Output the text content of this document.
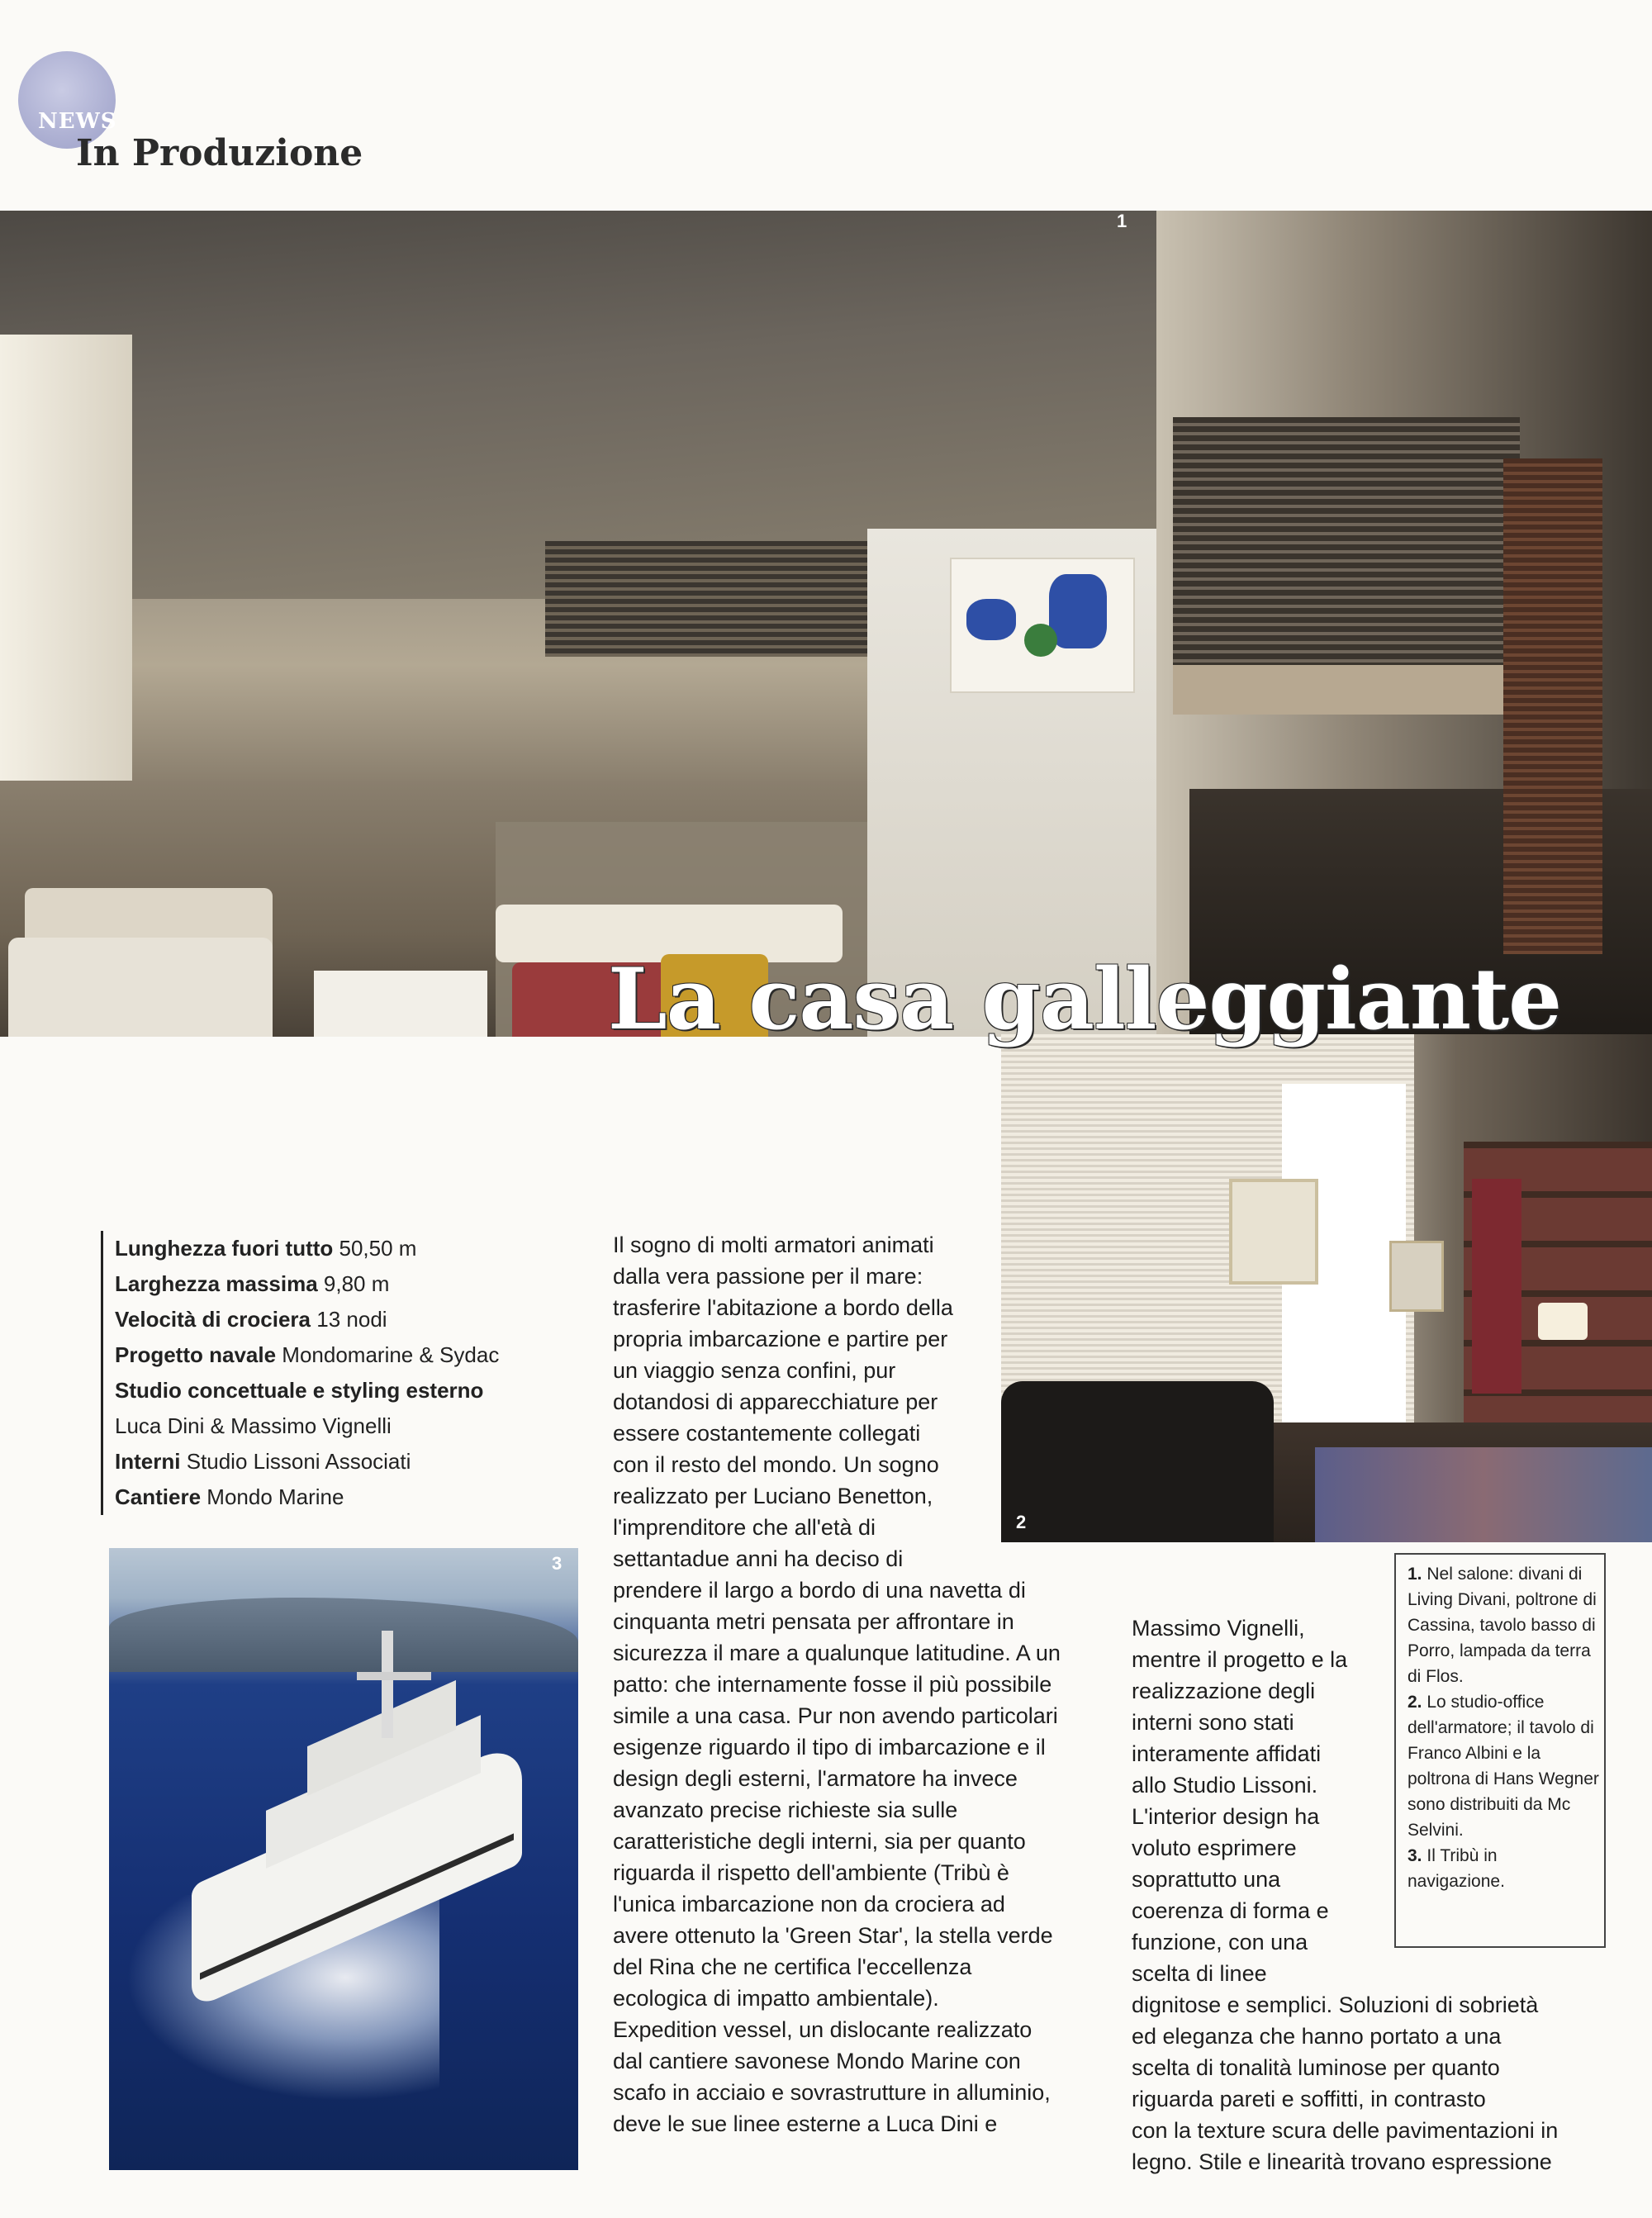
NEWS
In Produzione
1
2
La casa galleggiante
Lunghezza fuori tutto 50,50 m
Larghezza massima 9,80 m
Velocità di crociera 13 nodi
Progetto navale Mondomarine & Sydac
Studio concettuale e styling esterno
Luca Dini & Massimo Vignelli
Interni Studio Lissoni Associati
Cantiere Mondo Marine
3
Il sogno di molti armatori animati
dalla vera passione per il mare:
trasferire l'abitazione a bordo della
propria imbarcazione e partire per
un viaggio senza confini, pur
dotandosi di apparecchiature per
essere costantemente collegati
con il resto del mondo. Un sogno
realizzato per Luciano Benetton,
l'imprenditore che all'età di
settantadue anni ha deciso di
prendere il largo a bordo di una navetta di
cinquanta metri pensata per affrontare in
sicurezza il mare a qualunque latitudine. A un
patto: che internamente fosse il più possibile
simile a una casa. Pur non avendo particolari
esigenze riguardo il tipo di imbarcazione e il
design degli esterni, l'armatore ha invece
avanzato precise richieste sia sulle
caratteristiche degli interni, sia per quanto
riguarda il rispetto dell'ambiente (Tribù è
l'unica imbarcazione non da crociera ad
avere ottenuto la 'Green Star', la stella verde
del Rina che ne certifica l'eccellenza
ecologica di impatto ambientale).
Expedition vessel, un dislocante realizzato
dal cantiere savonese Mondo Marine con
scafo in acciaio e sovrastrutture in alluminio,
deve le sue linee esterne a Luca Dini e
Massimo Vignelli,
mentre il progetto e la
realizzazione degli
interni sono stati
interamente affidati
allo Studio Lissoni.
L'interior design ha
voluto esprimere
soprattutto una
coerenza di forma e
funzione, con una
scelta di linee
dignitose e semplici. Soluzioni di sobrietà
ed eleganza che hanno portato a una
scelta di tonalità luminose per quanto
riguarda pareti e soffitti, in contrasto
con la texture scura delle pavimentazioni in
legno. Stile e linearità trovano espressione
1. Nel salone: divani di Living Divani, poltrone di Cassina, tavolo basso di Porro, lampada da terra di Flos.
2. Lo studio-office dell'armatore; il tavolo di Franco Albini e la poltrona di Hans Wegner sono distribuiti da Mc Selvini.
3. Il Tribù in navigazione.
